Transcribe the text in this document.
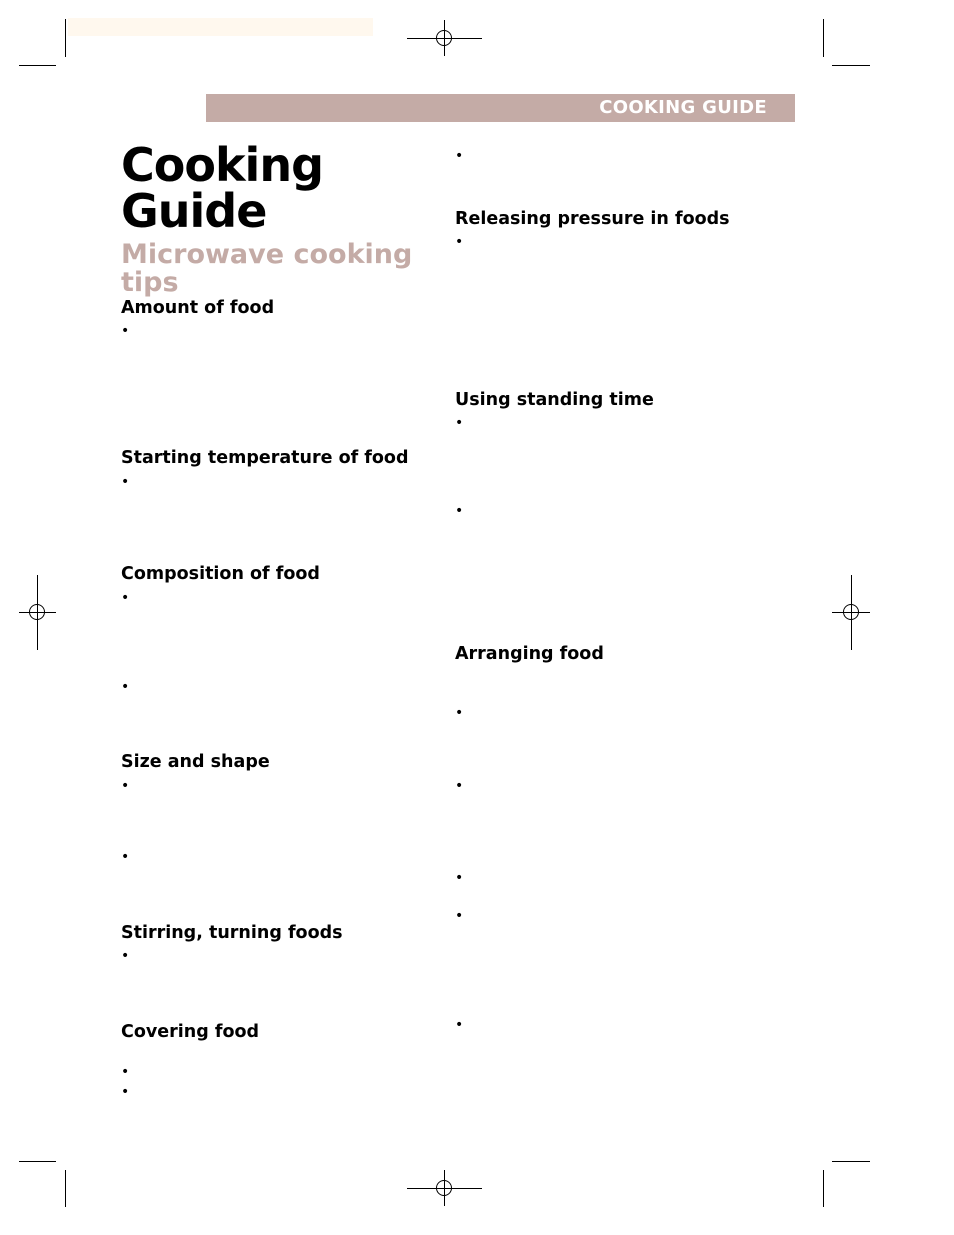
COOKING GUIDE
Cooking
Guide
Microwave cooking tips
Amount of food
•
Starting temperature of food
•
Composition of food
•
•
Size and shape
•
•
Stirring, turning foods
•
Covering food
•
•
•
Releasing pressure in foods
•
Using standing time
•
•
Arranging food
•
•
•
•
•
